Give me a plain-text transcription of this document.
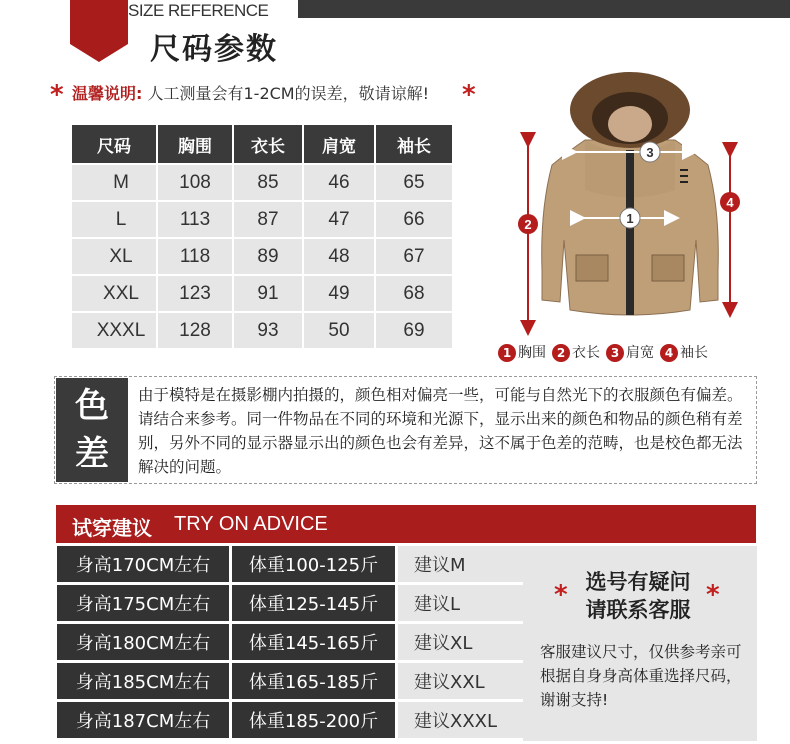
SIZE REFERENCE
尺码参数
* 温馨说明: 人工测量会有1-2CM的误差，敬请谅解! *
尺码	胸围	衣长	肩宽	袖长
M	108	85	46	65
L	113	87	47	66
XL	118	89	48	67
XXL	123	91	49	68
XXXL	128	93	50	69
1
3
2
4
1 胸围 2 衣长 3 肩宽 4 袖长
色
差
由于模特是在摄影棚内拍摄的，颜色相对偏亮一些，可能与自然光下的衣服颜色有偏差。请结合来参考。同一件物品在不同的环境和光源下，显示出来的颜色和物品的颜色稍有差别，另外不同的显示器显示出的颜色也会有差异，这不属于色差的范畴，也是校色都无法解决的问题。
试穿建议 TRY ON ADVICE
身高170CM左右	体重100-125斤	建议M
身高175CM左右	体重125-145斤	建议L
身高180CM左右	体重145-165斤	建议XL
身高185CM左右	体重165-185斤	建议XXL
身高187CM左右	体重185-200斤	建议XXXL
* 选号有疑问
请联系客服 *
客服建议尺寸，仅供参考亲可根据自身身高体重选择尺码，谢谢支持!
